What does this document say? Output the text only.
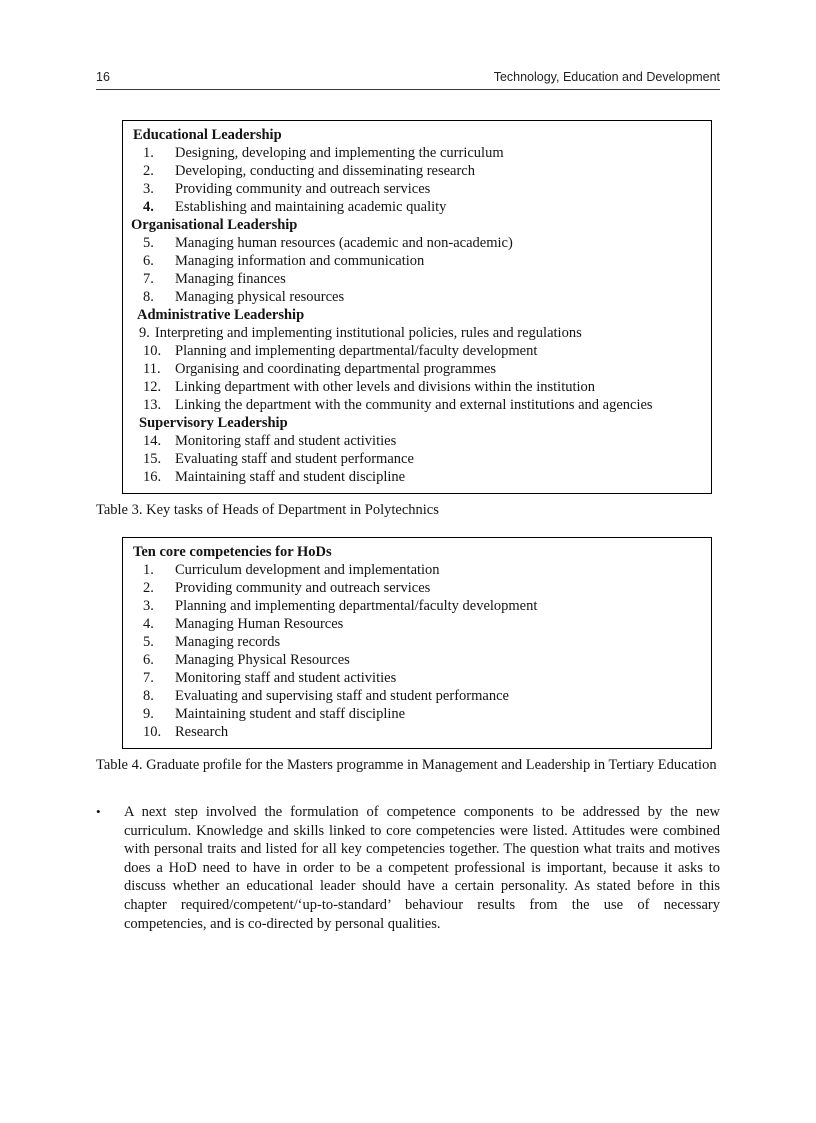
16	Technology, Education and Development
Educational Leadership
1.	Designing, developing and implementing the curriculum
2.	Developing, conducting and disseminating research
3.	Providing community and outreach services
4.	Establishing and maintaining academic quality
Organisational Leadership
5.	Managing human resources (academic and non-academic)
6.	Managing information and communication
7.	Managing finances
8.	Managing physical resources
Administrative Leadership
9. Interpreting and implementing institutional policies, rules and regulations
10. Planning and implementing departmental/faculty development
11. Organising and coordinating departmental programmes
12. Linking department with other levels and divisions within the institution
13. Linking the department with the community and external institutions and agencies
Supervisory Leadership
14. Monitoring staff and student activities
15. Evaluating staff and student performance
16. Maintaining staff and student discipline

Table 3. Key tasks of Heads of Department in Polytechnics

Ten core competencies for HoDs
1.	Curriculum development and implementation
2.	Providing community and outreach services
3.	Planning and implementing departmental/faculty development
4.	Managing Human Resources
5.	Managing records
6.	Managing Physical Resources
7.	Monitoring staff and student activities
8.	Evaluating and supervising staff and student performance
9.	Maintaining student and staff discipline
10. Research

Table 4. Graduate profile for the Masters programme in Management and Leadership in Tertiary Education

•	A next step involved the formulation of competence components to be addressed by the new curriculum. Knowledge and skills linked to core competencies were listed. Attitudes were combined with personal traits and listed for all key competencies together. The question what traits and motives does a HoD need to have in order to be a competent professional is important, because it asks to discuss whether an educational leader should have a certain personality. As stated before in this chapter required/competent/‘up-to-standard’ behaviour results from the use of necessary competencies, and is co-directed by personal qualities.
